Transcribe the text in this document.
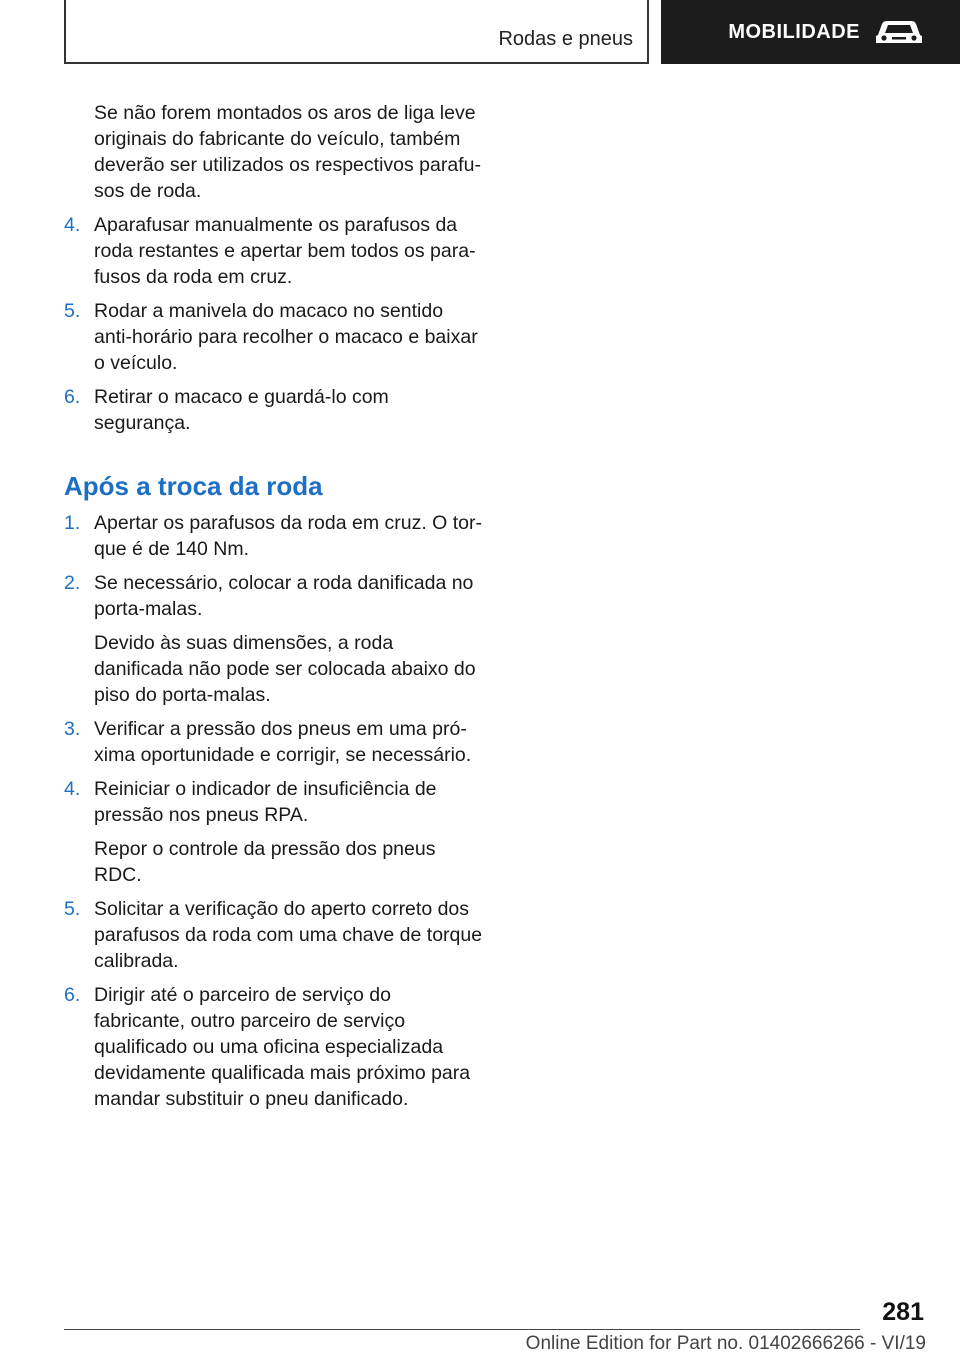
Rodas e pneus	MOBILIDADE
Se não forem montados os aros de liga leve originais do fabricante do veículo, também deverão ser utilizados os respectivos parafusos de roda.
4. Aparafusar manualmente os parafusos da roda restantes e apertar bem todos os parafusos da roda em cruz.
5. Rodar a manivela do macaco no sentido anti-horário para recolher o macaco e baixar o veículo.
6. Retirar o macaco e guardá-lo com segurança.
Após a troca da roda
1. Apertar os parafusos da roda em cruz. O torque é de 140 Nm.
2. Se necessário, colocar a roda danificada no porta-malas.
Devido às suas dimensões, a roda danificada não pode ser colocada abaixo do piso do porta-malas.
3. Verificar a pressão dos pneus em uma próxima oportunidade e corrigir, se necessário.
4. Reiniciar o indicador de insuficiência de pressão nos pneus RPA.
Repor o controle da pressão dos pneus RDC.
5. Solicitar a verificação do aperto correto dos parafusos da roda com uma chave de torque calibrada.
6. Dirigir até o parceiro de serviço do fabricante, outro parceiro de serviço qualificado ou uma oficina especializada devidamente qualificada mais próximo para mandar substituir o pneu danificado.
281
Online Edition for Part no. 01402666266 - VI/19
